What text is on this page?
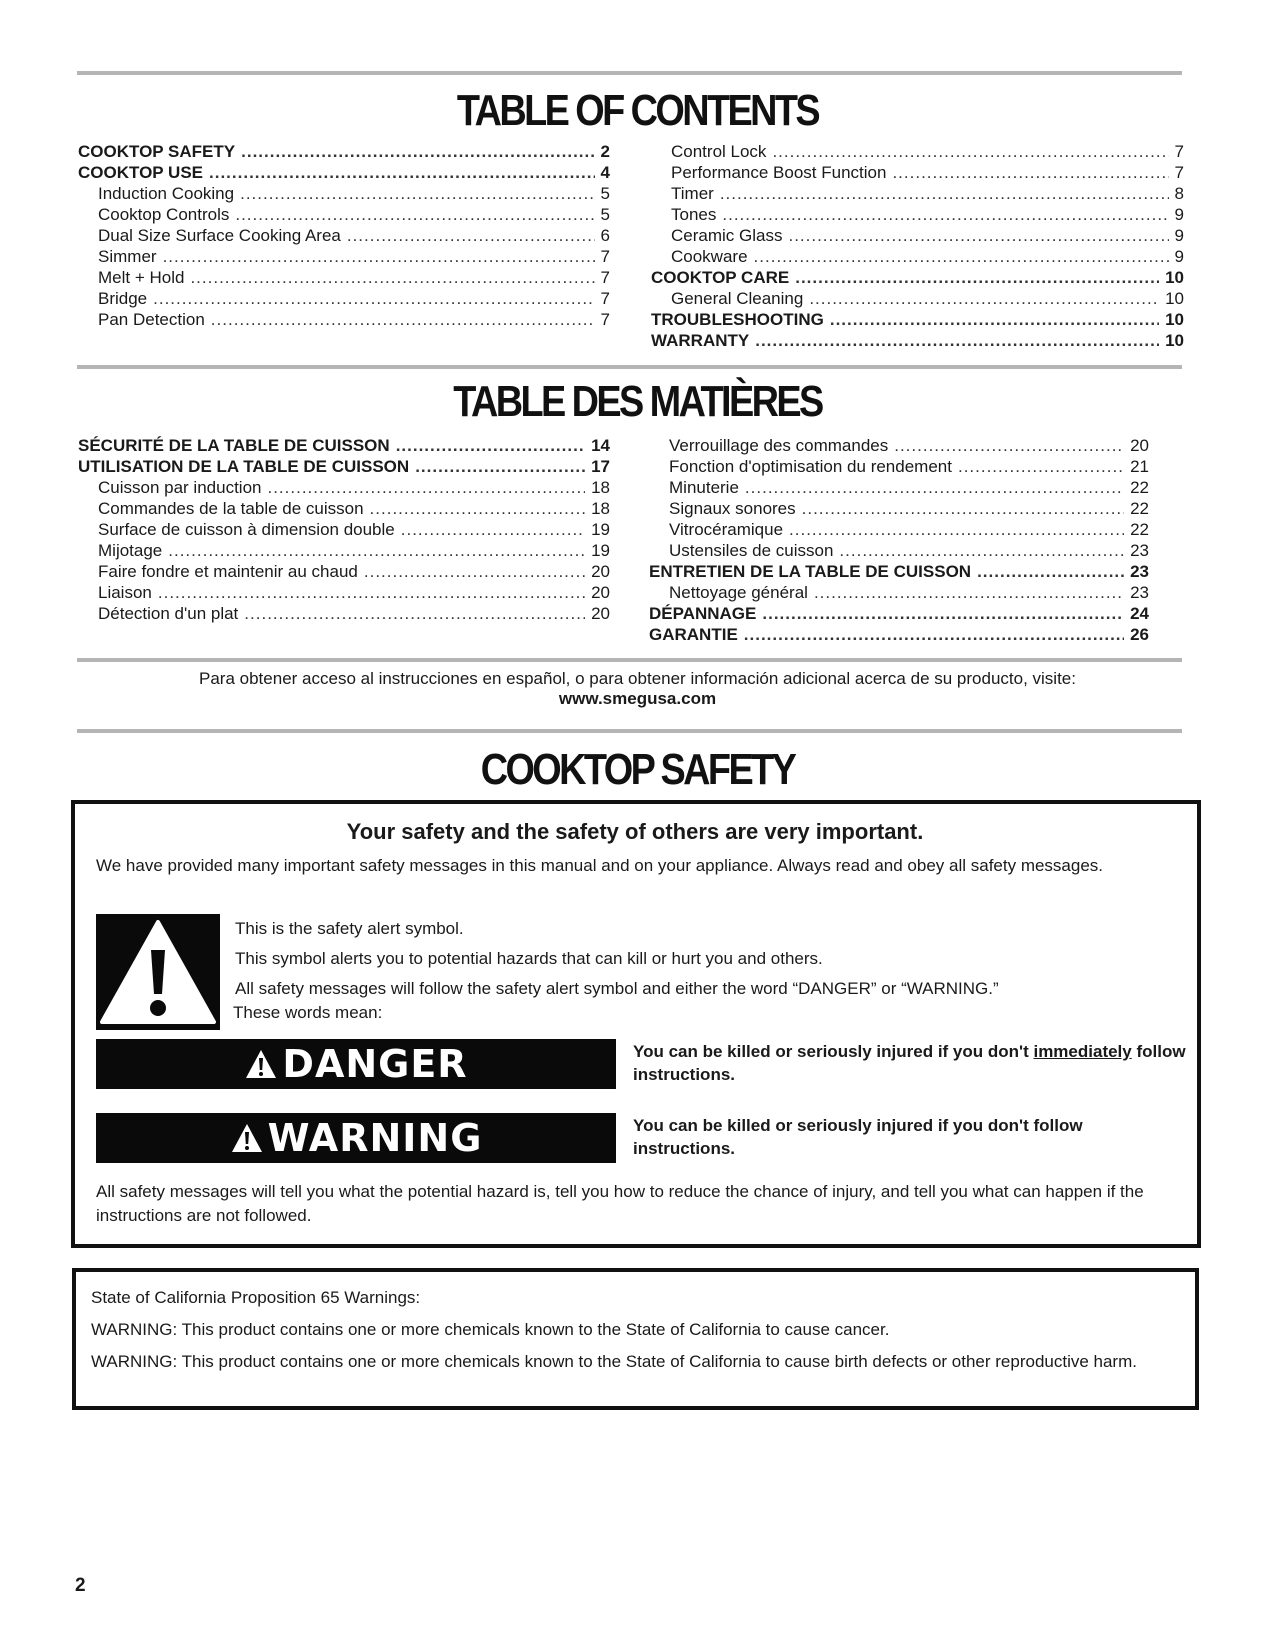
TABLE OF CONTENTS
COOKTOP SAFETY .....	2
COOKTOP USE .....	4
Induction Cooking .....	5
Cooktop Controls .....	5
Dual Size Surface Cooking Area .....	6
Simmer .....	7
Melt + Hold .....	7
Bridge .....	7
Pan Detection .....	7
Control Lock .....	7
Performance Boost Function .....	7
Timer .....	8
Tones .....	9
Ceramic Glass .....	9
Cookware .....	9
COOKTOP CARE .....	10
General Cleaning .....	10
TROUBLESHOOTING .....	10
WARRANTY .....	10
TABLE DES MATIÈRES
SÉCURITÉ DE LA TABLE DE CUISSON .....	14
UTILISATION DE LA TABLE DE CUISSON .....	17
Cuisson par induction .....	18
Commandes de la table de cuisson .....	18
Surface de cuisson à dimension double .....	19
Mijotage .....	19
Faire fondre et maintenir au chaud .....	20
Liaison .....	20
Détection d'un plat .....	20
Verrouillage des commandes .....	20
Fonction d'optimisation du rendement .....	21
Minuterie .....	22
Signaux sonores .....	22
Vitrocéramique .....	22
Ustensiles de cuisson .....	23
ENTRETIEN DE LA TABLE DE CUISSON .....	23
Nettoyage général .....	23
DÉPANNAGE .....	24
GARANTIE .....	26
Para obtener acceso al instrucciones en español, o para obtener información adicional acerca de su producto, visite:
www.smegusa.com
COOKTOP SAFETY
Your safety and the safety of others are very important.
We have provided many important safety messages in this manual and on your appliance. Always read and obey all safety messages.
This is the safety alert symbol.
This symbol alerts you to potential hazards that can kill or hurt you and others.
All safety messages will follow the safety alert symbol and either the word “DANGER” or “WARNING.”
These words mean:
DANGER	You can be killed or seriously injured if you don't immediately follow instructions.
WARNING	You can be killed or seriously injured if you don't follow instructions.
All safety messages will tell you what the potential hazard is, tell you how to reduce the chance of injury, and tell you what can happen if the instructions are not followed.
State of California Proposition 65 Warnings:
WARNING: This product contains one or more chemicals known to the State of California to cause cancer.
WARNING: This product contains one or more chemicals known to the State of California to cause birth defects or other reproductive harm.
2
